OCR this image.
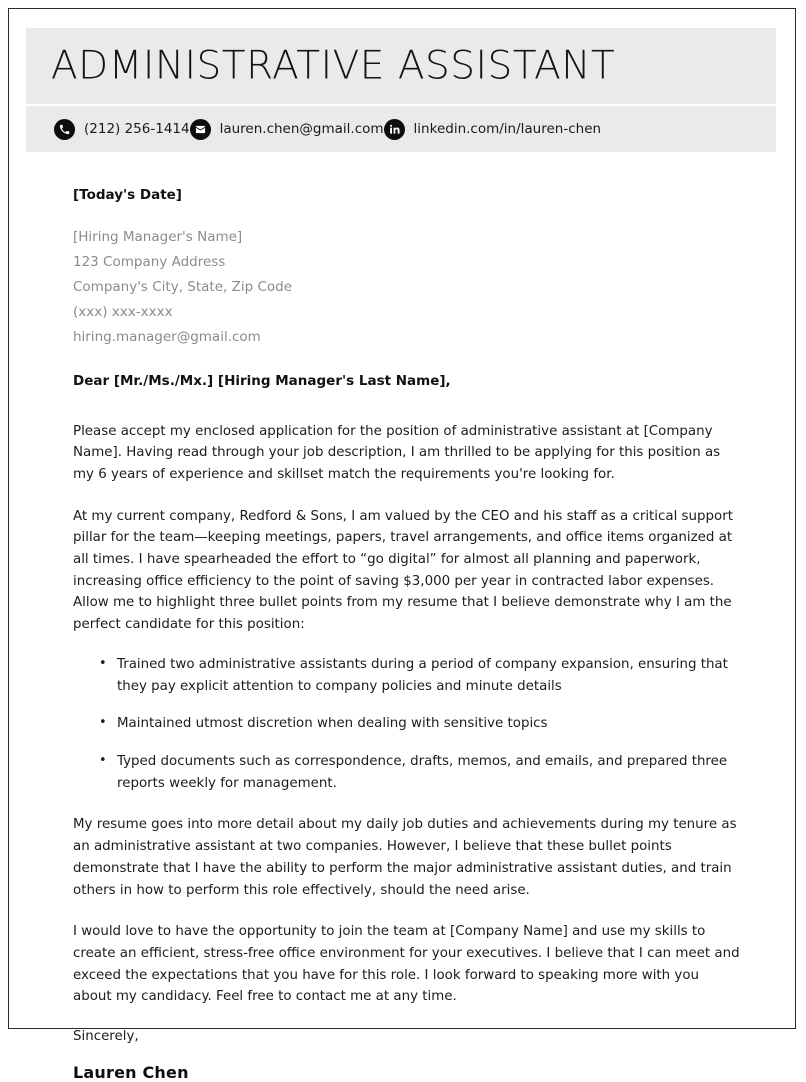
ADMINISTRATIVE ASSISTANT
(212) 256-1414 lauren.chen@gmail.com linkedin.com/in/lauren-chen
[Today's Date]
[Hiring Manager's Name]
123 Company Address
Company's City, State, Zip Code
(xxx) xxx-xxxx
hiring.manager@gmail.com
Dear [Mr./Ms./Mx.] [Hiring Manager's Last Name],

Please accept my enclosed application for the position of administrative assistant at [Company Name]. Having read through your job description, I am thrilled to be applying for this position as my 6 years of experience and skillset match the requirements you're looking for.

At my current company, Redford & Sons, I am valued by the CEO and his staff as a critical support pillar for the team—keeping meetings, papers, travel arrangements, and office items organized at all times. I have spearheaded the effort to “go digital” for almost all planning and paperwork, increasing office efficiency to the point of saving $3,000 per year in contracted labor expenses. Allow me to highlight three bullet points from my resume that I believe demonstrate why I am the perfect candidate for this position:

• Trained two administrative assistants during a period of company expansion, ensuring that they pay explicit attention to company policies and minute details
• Maintained utmost discretion when dealing with sensitive topics
• Typed documents such as correspondence, drafts, memos, and emails, and prepared three reports weekly for management.

My resume goes into more detail about my daily job duties and achievements during my tenure as an administrative assistant at two companies. However, I believe that these bullet points demonstrate that I have the ability to perform the major administrative assistant duties, and train others in how to perform this role effectively, should the need arise.

I would love to have the opportunity to join the team at [Company Name] and use my skills to create an efficient, stress-free office environment for your executives. I believe that I can meet and exceed the expectations that you have for this role. I look forward to speaking more with you about my candidacy. Feel free to contact me at any time.

Sincerely,
Lauren Chen
